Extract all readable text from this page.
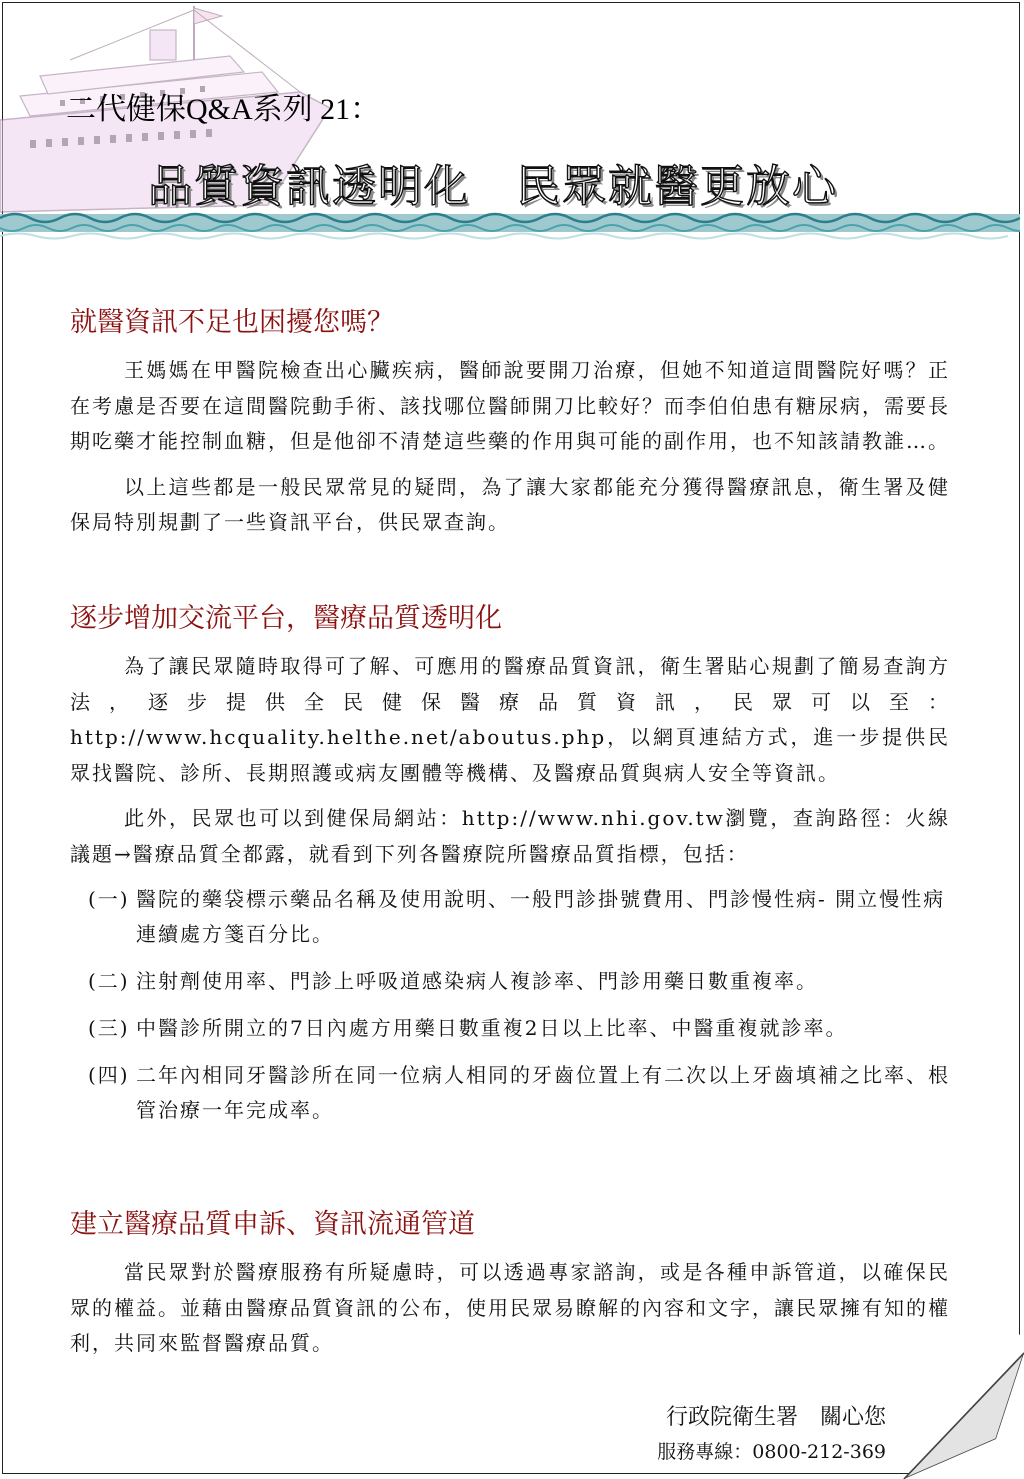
二代健保Q&A系列 21：
品質資訊透明化　民眾就醫更放心
就醫資訊不足也困擾您嗎？

王媽媽在甲醫院檢查出心臟疾病，醫師說要開刀治療，但她不知道這間醫院好嗎？正在考慮是否要在這間醫院動手術、該找哪位醫師開刀比較好？而李伯伯患有糖尿病，需要長期吃藥才能控制血糖，但是他卻不清楚這些藥的作用與可能的副作用，也不知該請教誰…。

以上這些都是一般民眾常見的疑問，為了讓大家都能充分獲得醫療訊息，衛生署及健保局特別規劃了一些資訊平台，供民眾查詢。

逐步增加交流平台，醫療品質透明化

為了讓民眾隨時取得可了解、可應用的醫療品質資訊，衛生署貼心規劃了簡易查詢方法，逐步提供全民健保醫療品質資訊，民眾可以至：http://www.hcquality.helthe.net/aboutus.php，以網頁連結方式，進一步提供民眾找醫院、診所、長期照護或病友團體等機構、及醫療品質與病人安全等資訊。

此外，民眾也可以到健保局網站：http://www.nhi.gov.tw瀏覽，查詢路徑：火線議題→醫療品質全都露，就看到下列各醫療院所醫療品質指標，包括：

(一) 醫院的藥袋標示藥品名稱及使用說明、一般門診掛號費用、門診慢性病- 開立慢性病連續處方箋百分比。
(二) 注射劑使用率、門診上呼吸道感染病人複診率、門診用藥日數重複率。
(三) 中醫診所開立的7日內處方用藥日數重複2日以上比率、中醫重複就診率。
(四) 二年內相同牙醫診所在同一位病人相同的牙齒位置上有二次以上牙齒填補之比率、根管治療一年完成率。
建立醫療品質申訴、資訊流通管道

當民眾對於醫療服務有所疑慮時，可以透過專家諮詢，或是各種申訴管道，以確保民眾的權益。並藉由醫療品質資訊的公布，使用民眾易瞭解的內容和文字，讓民眾擁有知的權利，共同來監督醫療品質。

行政院衛生署　關心您
服務專線：0800-212-369
